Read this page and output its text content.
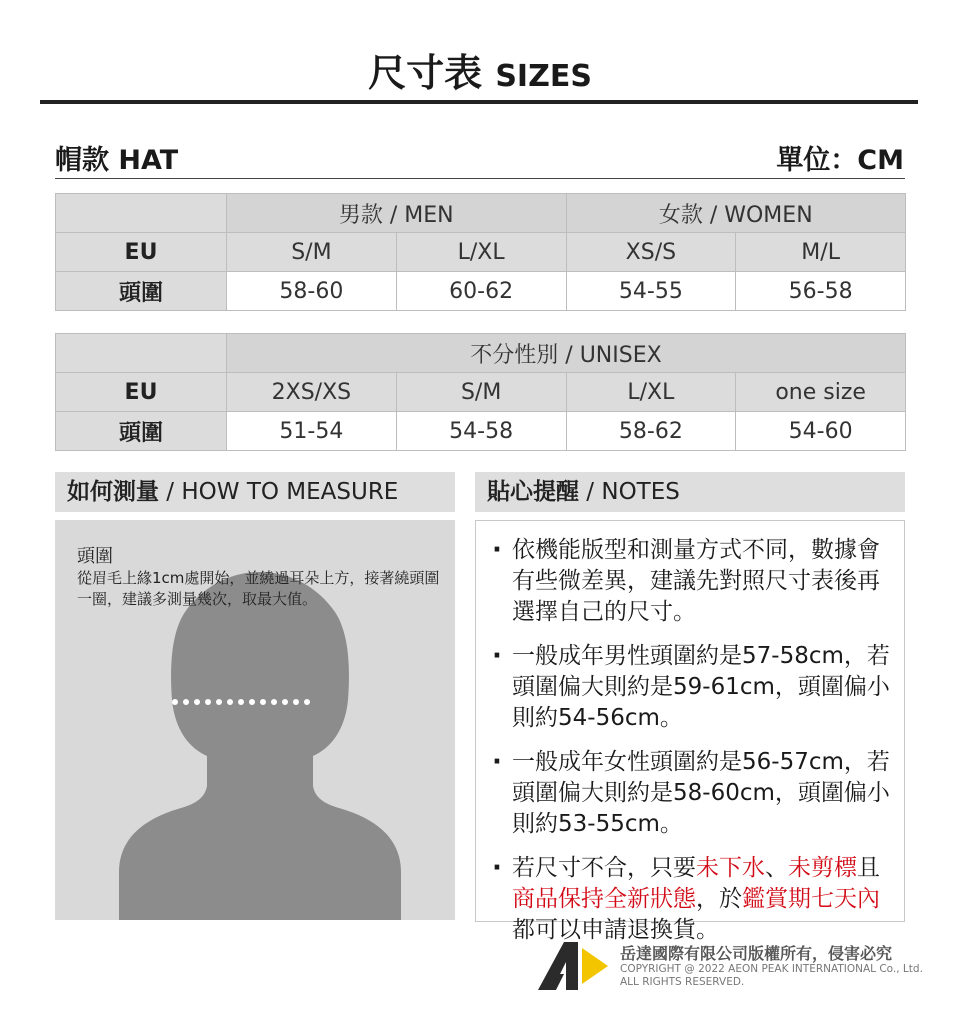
尺寸表 SIZES
帽款 HAT	單位：CM
	男款 / MEN		女款 / WOMEN	
EU	S/M	L/XL	XS/S	M/L
頭圍	58-60	60-62	54-55	56-58
	不分性別 / UNISEX			
EU	2XS/XS	S/M	L/XL	one size
頭圍	51-54	54-58	58-62	54-60
如何測量 / HOW TO MEASURE	貼心提醒 / NOTES
頭圍
從眉毛上緣1cm處開始，並繞過耳朵上方，接著繞頭圍一圈，建議多測量幾次，取最大值。
· 依機能版型和測量方式不同，數據會有些微差異，建議先對照尺寸表後再選擇自己的尺寸。
· 一般成年男性頭圍約是57-58cm，若頭圍偏大則約是59-61cm，頭圍偏小則約54-56cm。
· 一般成年女性頭圍約是56-57cm，若頭圍偏大則約是58-60cm，頭圍偏小則約53-55cm。
· 若尺寸不合，只要未下水、未剪標且商品保持全新狀態，於鑑賞期七天內都可以申請退換貨。
岳達國際有限公司版權所有，侵害必究
COPYRIGHT @ 2022 AEON PEAK INTERNATIONAL Co., Ltd.
ALL RIGHTS RESERVED.
